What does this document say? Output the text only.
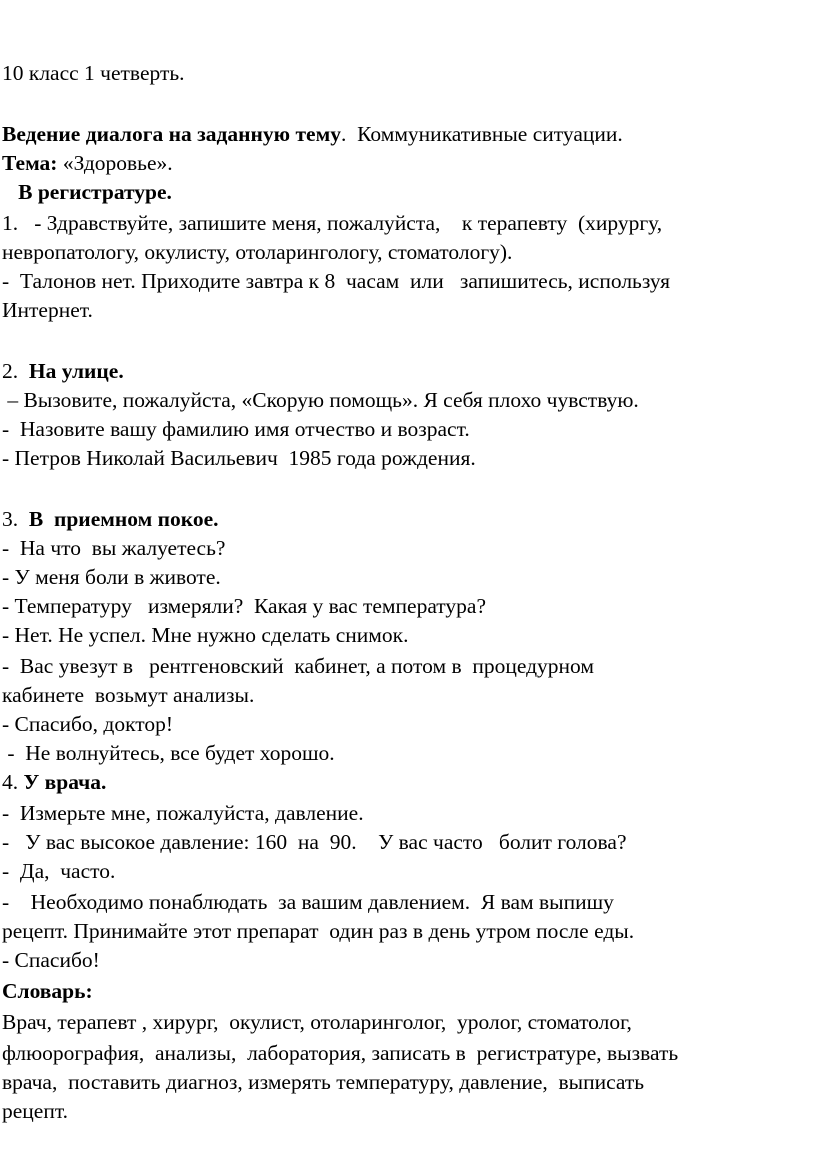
10 класс 1 четверть.
Ведение диалога на заданную тему.  Коммуникативные ситуации.
Тема: «Здоровье».
В регистратуре.
1.   - Здравствуйте, запишите меня, пожалуйста,    к терапевту  (хирургу,
невропатологу, окулисту, отоларингологу, стоматологу).
-  Талонов нет. Приходите завтра к 8  часам  или   запишитесь, используя
Интернет.
2.  На улице.
– Вызовите, пожалуйста, «Скорую помощь». Я себя плохо чувствую.
-  Назовите вашу фамилию имя отчество и возраст.
- Петров Николай Васильевич  1985 года рождения.
3.  В  приемном покое.
-  На что  вы жалуетесь?
- У меня боли в животе.
- Температуру   измеряли?  Какая у вас температура?
- Нет. Не успел. Мне нужно сделать снимок.
-  Вас увезут в   рентгеновский  кабинет, а потом в  процедурном
кабинете  возьмут анализы.
- Спасибо, доктор!
-  Не волнуйтесь, все будет хорошо.
4. У врача.
-  Измерьте мне, пожалуйста, давление.
-   У вас высокое давление: 160  на  90.    У вас часто   болит голова?
-  Да,  часто.
-    Необходимо понаблюдать  за вашим давлением.  Я вам выпишу
рецепт. Принимайте этот препарат  один раз в день утром после еды.
- Спасибо!
Словарь:
Врач, терапевт , хирург,  окулист, отоларинголог,  уролог, стоматолог,
флюорография,  анализы,  лаборатория, записать в  регистратуре, вызвать
врача,  поставить диагноз, измерять температуру, давление,  выписать
рецепт.
